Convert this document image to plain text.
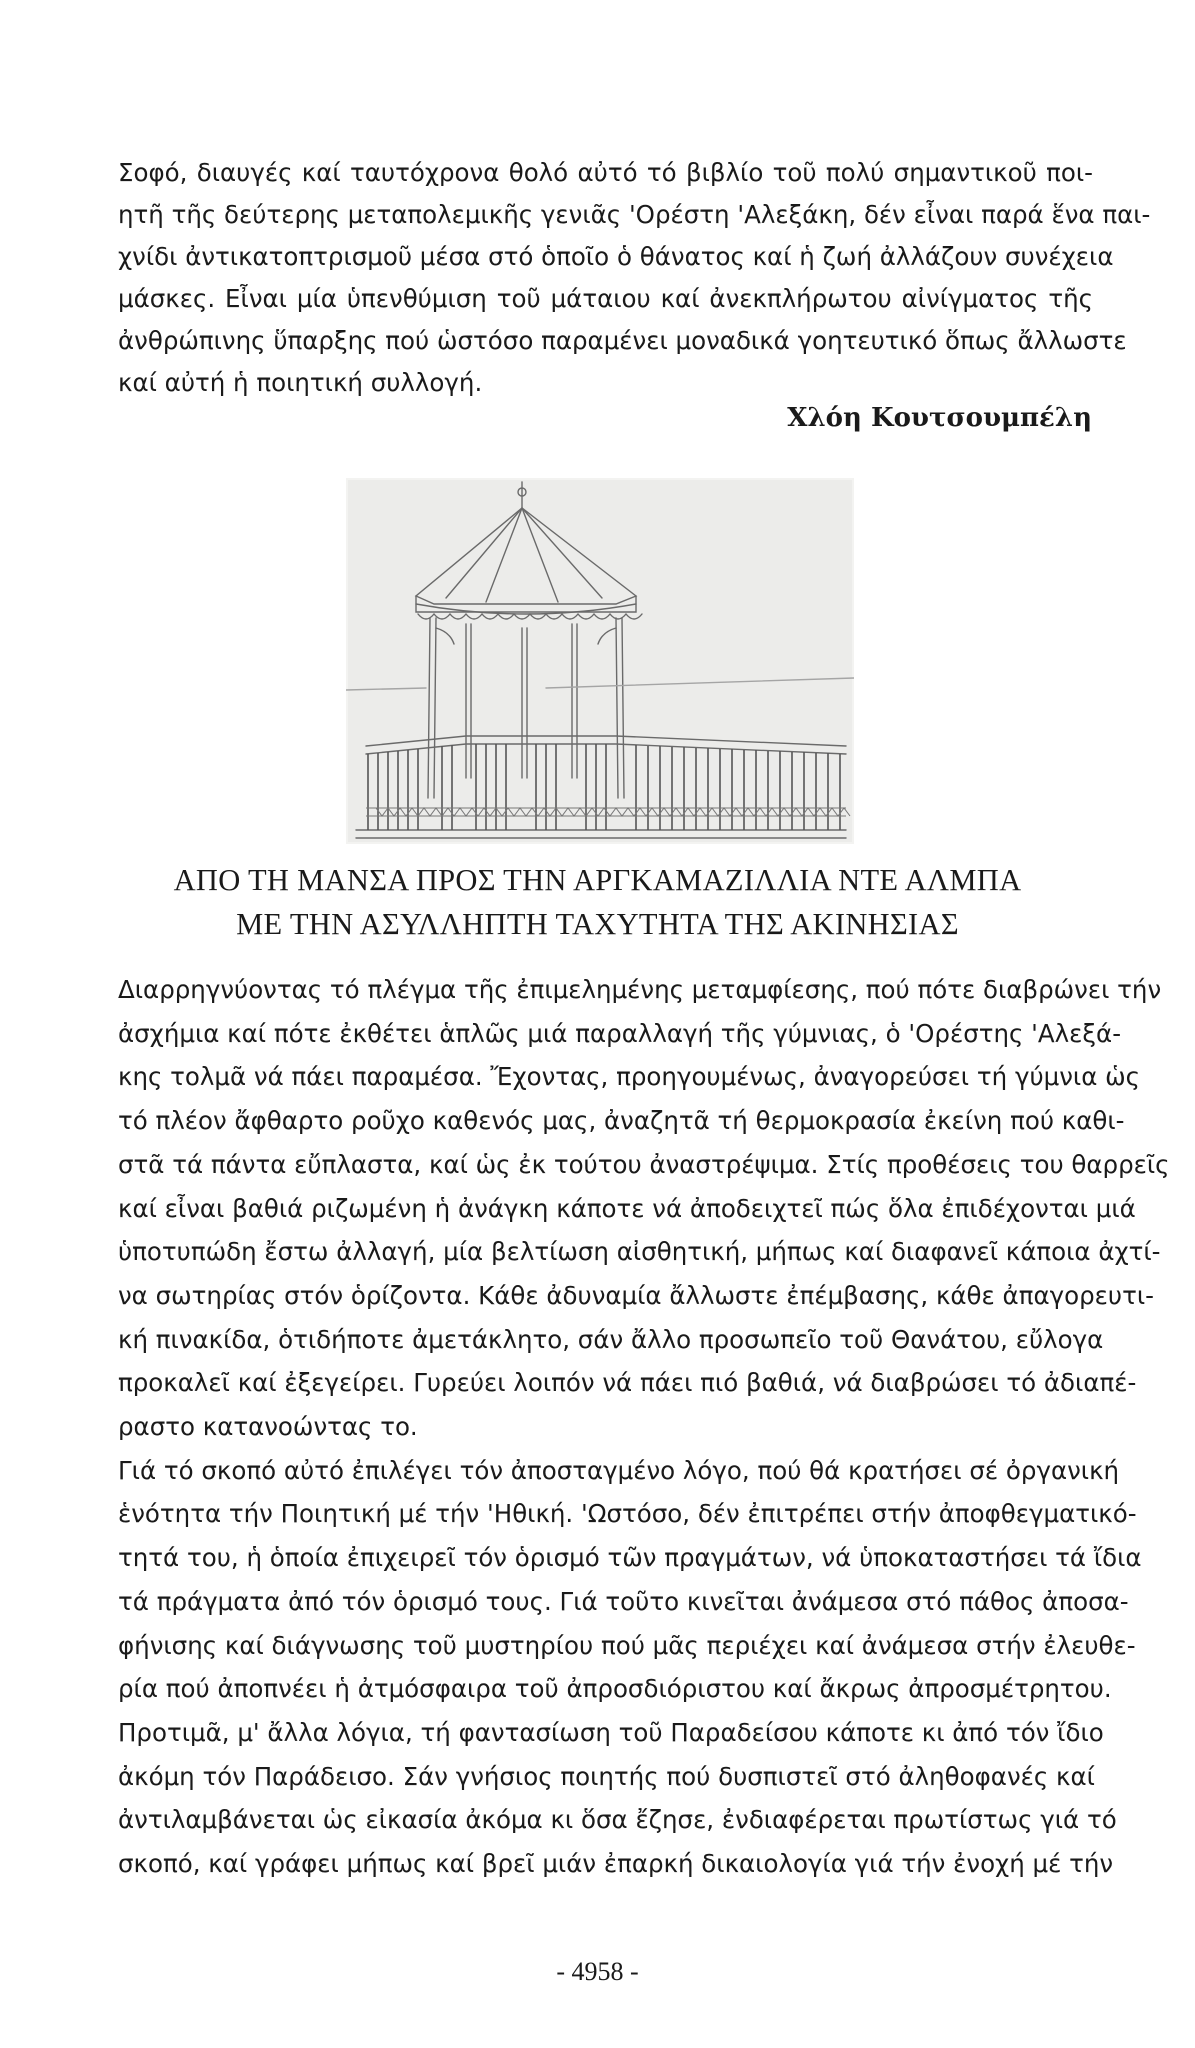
Σοφό, διαυγές καί ταυτόχρονα θολό αὐτό τό βιβλίο τοῦ πολύ σημαντικοῦ ποι-
ητῆ τῆς δεύτερης μεταπολεμικῆς γενιᾶς 'Ορέστη 'Αλεξάκη, δέν εἶναι παρά ἕνα παι-
χνίδι ἀντικατοπτρισμοῦ μέσα στό ὁποῖο ὁ θάνατος καί ἡ ζωή ἀλλάζουν συνέχεια
μάσκες. Εἶναι μία ὑπενθύμιση τοῦ μάταιου καί ἀνεκπλήρωτου αἰνίγματος τῆς
ἀνθρώπινης ὕπαρξης πού ὡστόσο παραμένει μοναδικά γοητευτικό ὅπως ἄλλωστε
καί αὐτή ἡ ποιητική συλλογή.
Χλόη Κουτσουμπέλη
ΑΠΟ ΤΗ ΜΑΝΣΑ ΠΡΟΣ ΤΗΝ ΑΡΓΚΑΜΑΖΙΛΛΙΑ ΝΤΕ ΑΛΜΠΑ
ΜΕ ΤΗΝ ΑΣΥΛΛΗΠΤΗ ΤΑΧΥΤΗΤΑ ΤΗΣ ΑΚΙΝΗΣΙΑΣ
Διαρρηγνύοντας τό πλέγμα τῆς ἐπιμελημένης μεταμφίεσης, πού πότε διαβρώνει τήν
ἀσχήμια καί πότε ἐκθέτει ἁπλῶς μιά παραλλαγή τῆς γύμνιας, ὁ 'Ορέστης 'Αλεξά-
κης τολμᾶ νά πάει παραμέσα. Ἔχοντας, προηγουμένως, ἀναγορεύσει τή γύμνια ὡς
τό πλέον ἄφθαρτο ροῦχο καθενός μας, ἀναζητᾶ τή θερμοκρασία ἐκείνη πού καθι-
στᾶ τά πάντα εὔπλαστα, καί ὡς ἐκ τούτου ἀναστρέψιμα. Στίς προθέσεις του θαρρεῖς
καί εἶναι βαθιά ριζωμένη ἡ ἀνάγκη κάποτε νά ἀποδειχτεῖ πώς ὅλα ἐπιδέχονται μιά
ὑποτυπώδη ἔστω ἀλλαγή, μία βελτίωση αἰσθητική, μήπως καί διαφανεῖ κάποια ἀχτί-
να σωτηρίας στόν ὁρίζοντα. Κάθε ἀδυναμία ἄλλωστε ἐπέμβασης, κάθε ἀπαγορευτι-
κή πινακίδα, ὁτιδήποτε ἀμετάκλητο, σάν ἄλλο προσωπεῖο τοῦ Θανάτου, εὔλογα
προκαλεῖ καί ἐξεγείρει. Γυρεύει λοιπόν νά πάει πιό βαθιά, νά διαβρώσει τό ἀδιαπέ-
ραστο κατανοώντας το.
Γιά τό σκοπό αὐτό ἐπιλέγει τόν ἀποσταγμένο λόγο, πού θά κρατήσει σέ ὀργανική
ἑνότητα τήν Ποιητική μέ τήν 'Ηθική. 'Ωστόσο, δέν ἐπιτρέπει στήν ἀποφθεγματικό-
τητά του, ἡ ὁποία ἐπιχειρεῖ τόν ὁρισμό τῶν πραγμάτων, νά ὑποκαταστήσει τά ἴδια
τά πράγματα ἀπό τόν ὁρισμό τους. Γιά τοῦτο κινεῖται ἀνάμεσα στό πάθος ἀποσα-
φήνισης καί διάγνωσης τοῦ μυστηρίου πού μᾶς περιέχει καί ἀνάμεσα στήν ἐλευθε-
ρία πού ἀποπνέει ἡ ἀτμόσφαιρα τοῦ ἀπροσδιόριστου καί ἄκρως ἀπροσμέτρητου.
Προτιμᾶ, μ' ἄλλα λόγια, τή φαντασίωση τοῦ Παραδείσου κάποτε κι ἀπό τόν ἴδιο
ἀκόμη τόν Παράδεισο. Σάν γνήσιος ποιητής πού δυσπιστεῖ στό ἀληθοφανές καί
ἀντιλαμβάνεται ὡς εἰκασία ἀκόμα κι ὅσα ἔζησε, ἐνδιαφέρεται πρωτίστως γιά τό
σκοπό, καί γράφει μήπως καί βρεῖ μιάν ἐπαρκή δικαιολογία γιά τήν ἐνοχή μέ τήν
- 4958 -
